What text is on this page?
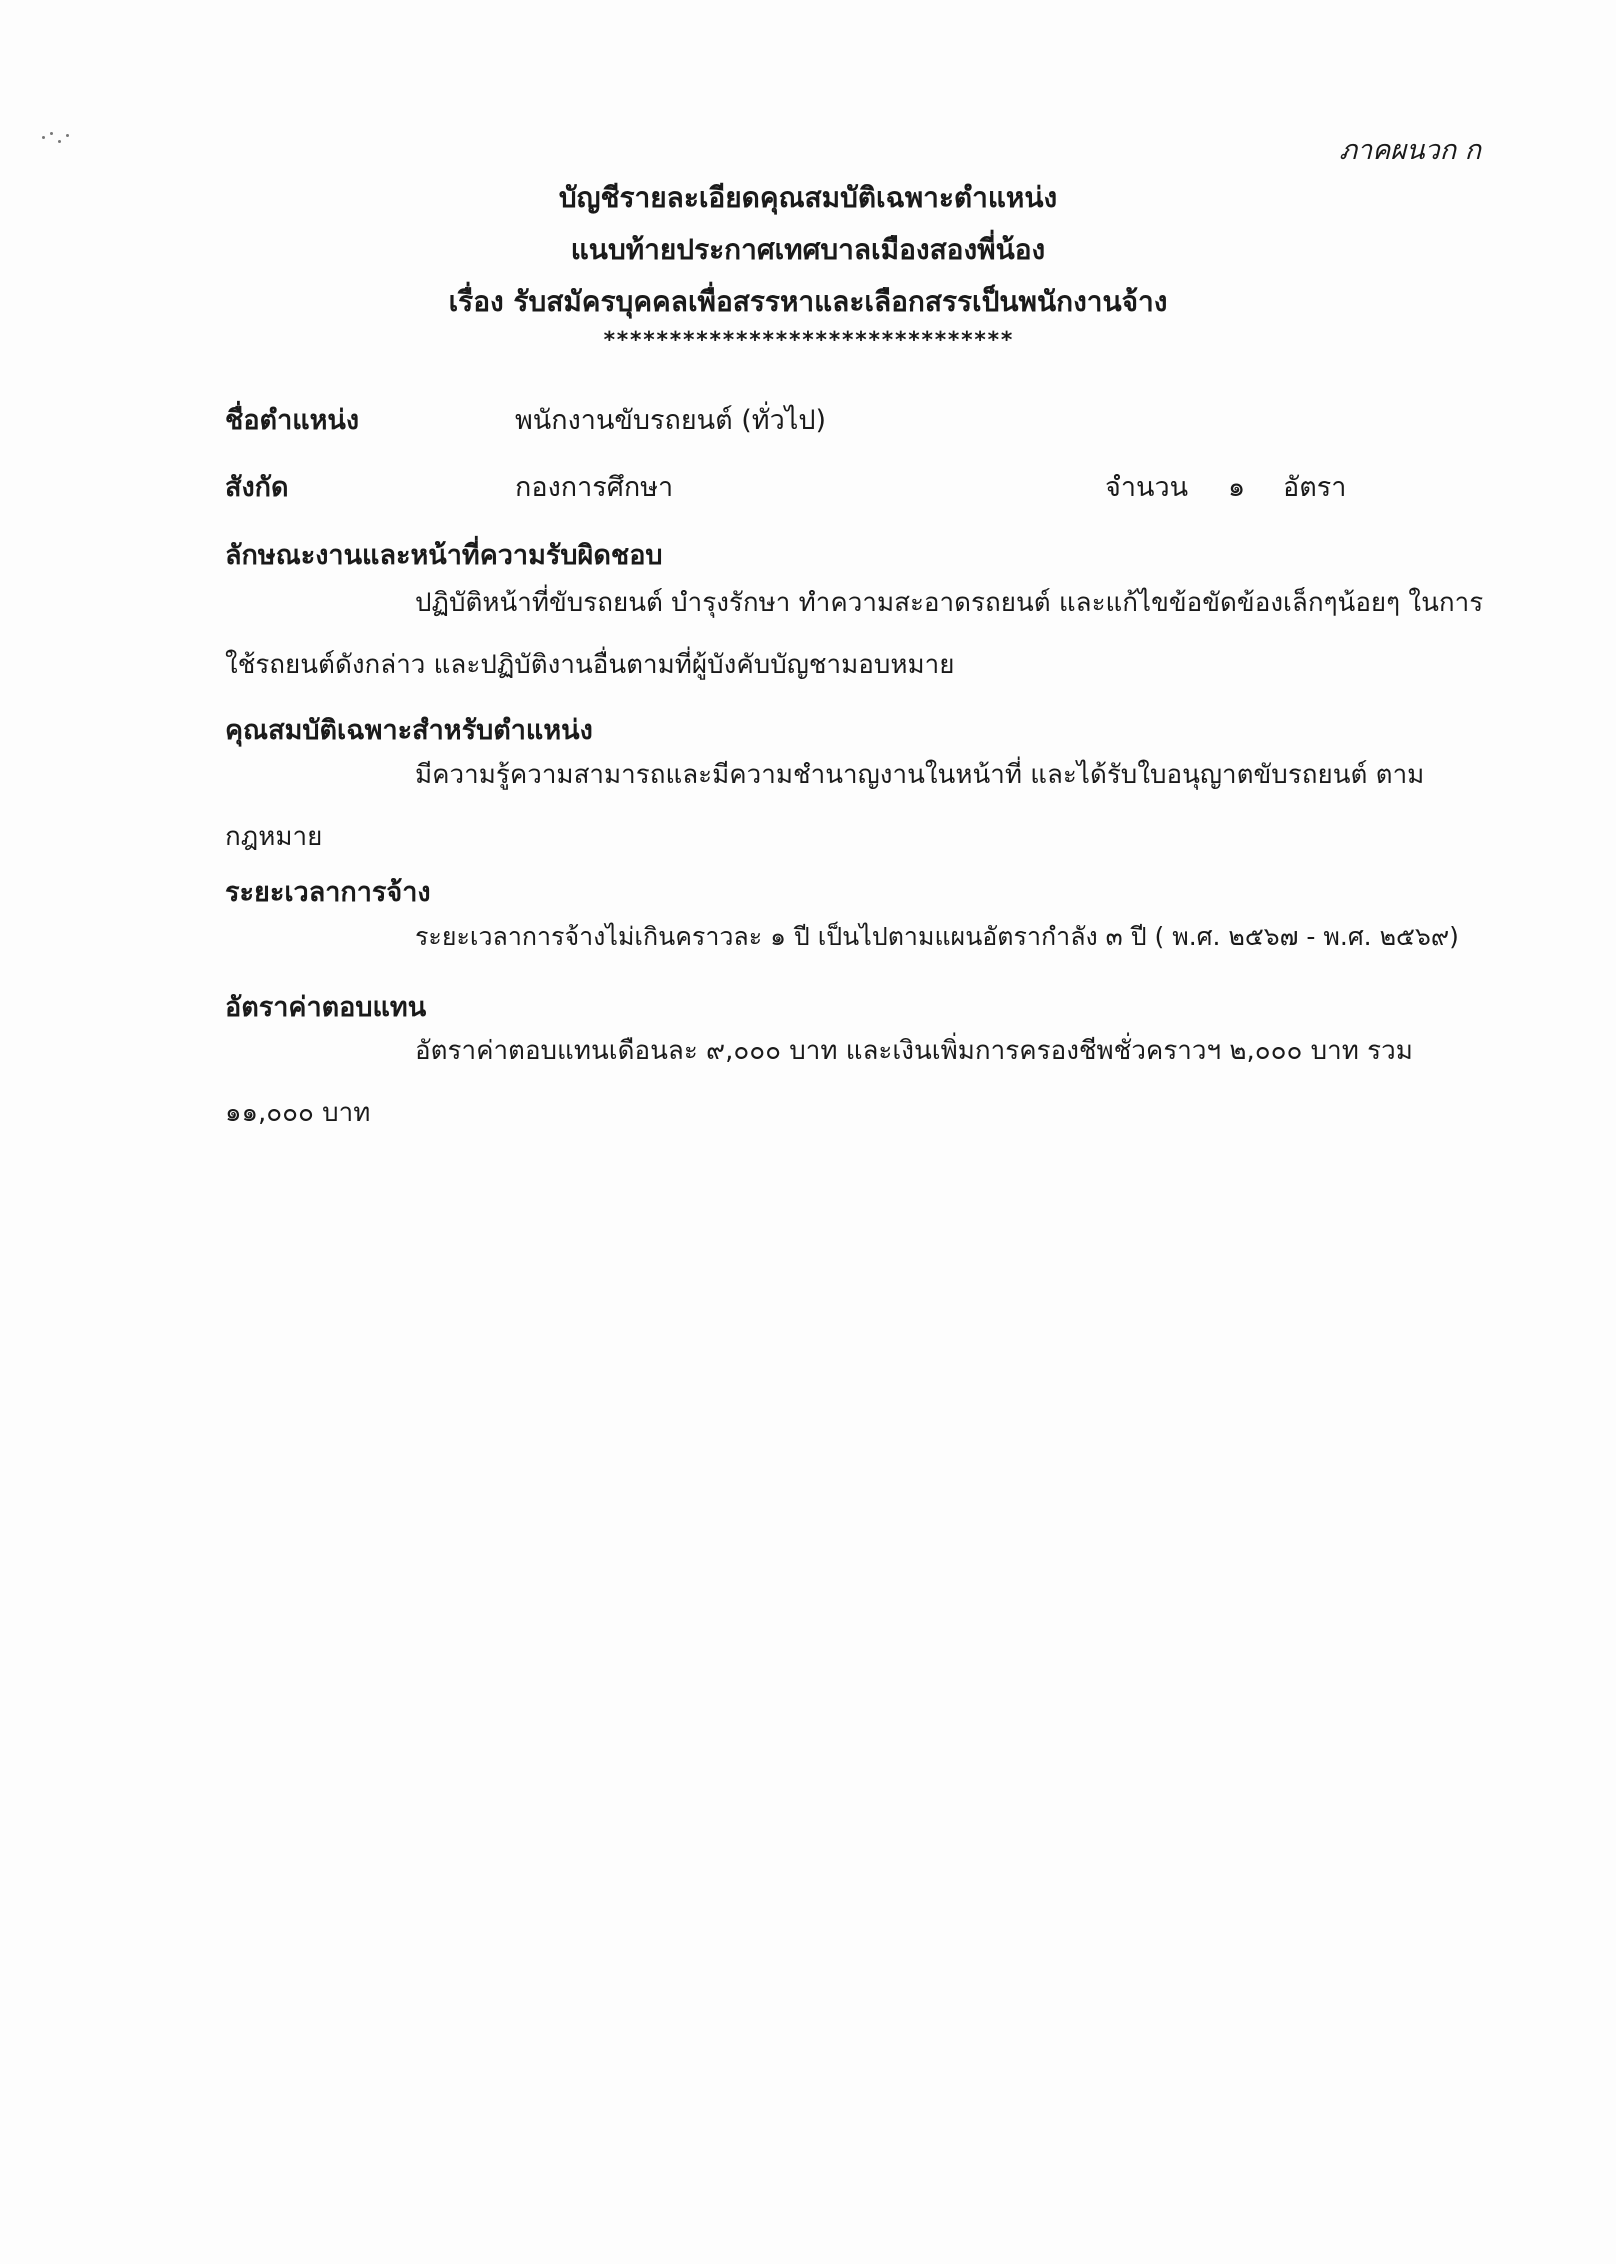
ภาคผนวก ก
บัญชีรายละเอียดคุณสมบัติเฉพาะตำแหน่ง
แนบท้ายประกาศเทศบาลเมืองสองพี่น้อง
เรื่อง รับสมัครบุคคลเพื่อสรรหาและเลือกสรรเป็นพนักงานจ้าง
*******************************
ชื่อตำแหน่ง	พนักงานขับรถยนต์ (ทั่วไป)
สังกัด	กองการศึกษา	จำนวน ๑ อัตรา
ลักษณะงานและหน้าที่ความรับผิดชอบ
ปฏิบัติหน้าที่ขับรถยนต์ บำรุงรักษา ทำความสะอาดรถยนต์ และแก้ไขข้อขัดข้องเล็กๆน้อยๆ ในการใช้รถยนต์ดังกล่าว และปฏิบัติงานอื่นตามที่ผู้บังคับบัญชามอบหมาย
คุณสมบัติเฉพาะสำหรับตำแหน่ง
มีความรู้ความสามารถและมีความชำนาญงานในหน้าที่ และได้รับใบอนุญาตขับรถยนต์ ตามกฎหมาย
ระยะเวลาการจ้าง
ระยะเวลาการจ้างไม่เกินคราวละ ๑ ปี เป็นไปตามแผนอัตรากำลัง ๓ ปี ( พ.ศ. ๒๕๖๗ - พ.ศ. ๒๕๖๙)
อัตราค่าตอบแทน
อัตราค่าตอบแทนเดือนละ ๙,๐๐๐ บาท และเงินเพิ่มการครองชีพชั่วคราวฯ ๒,๐๐๐ บาท รวม ๑๑,๐๐๐ บาท
